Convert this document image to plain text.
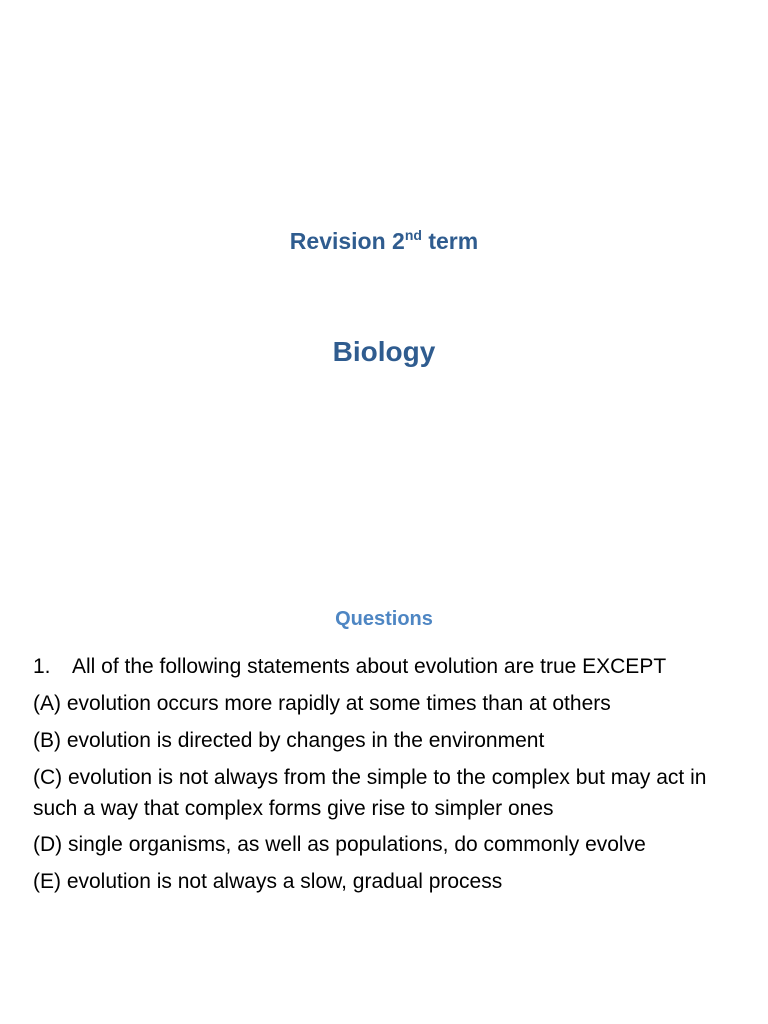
Revision 2nd term
Biology
Questions
1. All of the following statements about evolution are true EXCEPT
(A) evolution occurs more rapidly at some times than at others
(B) evolution is directed by changes in the environment
(C) evolution is not always from the simple to the complex but may act in such a way that complex forms give rise to simpler ones
(D) single organisms, as well as populations, do commonly evolve
(E) evolution is not always a slow, gradual process
